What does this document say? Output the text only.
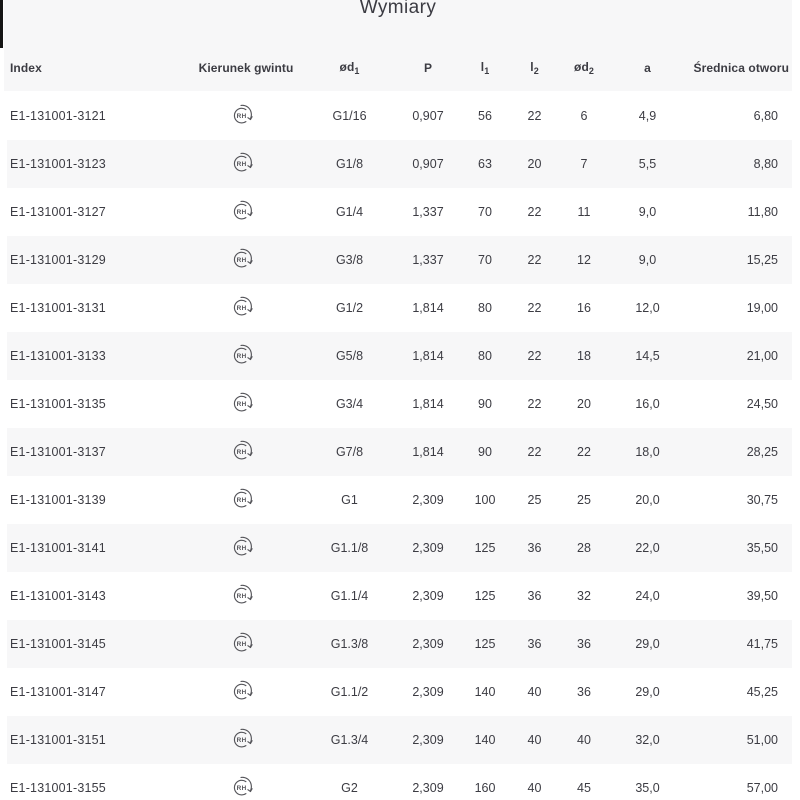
Wymiary
Index	Kierunek gwintu	$ød_1$	P	$l_1$	$l_2$	$ød_2$	a	Średnica otworu
E1-131001-3121	RH	G1/16	0,907	56	22	6	4,9	6,80
E1-131001-3123	RH	G1/8	0,907	63	20	7	5,5	8,80
E1-131001-3127	RH	G1/4	1,337	70	22	11	9,0	11,80
E1-131001-3129	RH	G3/8	1,337	70	22	12	9,0	15,25
E1-131001-3131	RH	G1/2	1,814	80	22	16	12,0	19,00
E1-131001-3133	RH	G5/8	1,814	80	22	18	14,5	21,00
E1-131001-3135	RH	G3/4	1,814	90	22	20	16,0	24,50
E1-131001-3137	RH	G7/8	1,814	90	22	22	18,0	28,25
E1-131001-3139	RH	G1	2,309	100	25	25	20,0	30,75
E1-131001-3141	RH	G1.1/8	2,309	125	36	28	22,0	35,50
E1-131001-3143	RH	G1.1/4	2,309	125	36	32	24,0	39,50
E1-131001-3145	RH	G1.3/8	2,309	125	36	36	29,0	41,75
E1-131001-3147	RH	G1.1/2	2,309	140	40	36	29,0	45,25
E1-131001-3151	RH	G1.3/4	2,309	140	40	40	32,0	51,00
E1-131001-3155	RH	G2	2,309	160	40	45	35,0	57,00
